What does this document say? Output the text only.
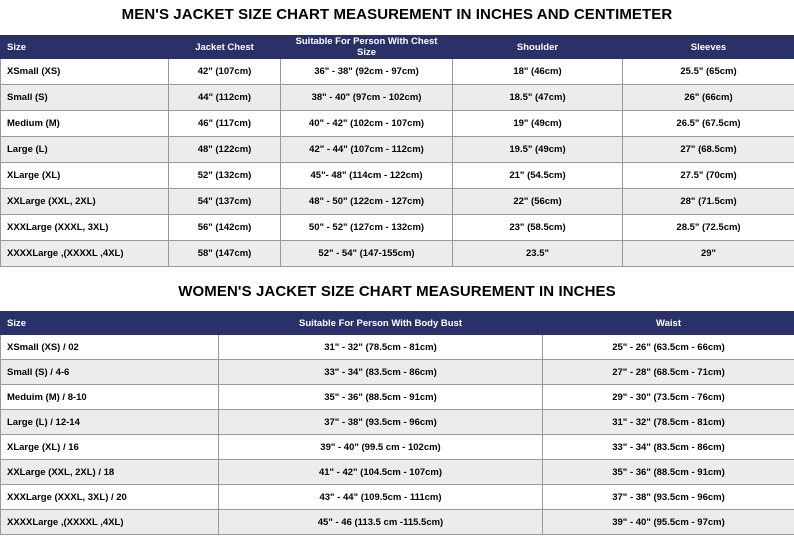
MEN'S JACKET SIZE CHART MEASUREMENT IN INCHES AND CENTIMETER
Size	Jacket Chest	Suitable For Person With Chest Size	Shoulder	Sleeves
XSmall (XS)	42" (107cm)	36" - 38" (92cm - 97cm)	18" (46cm)	25.5" (65cm)
Small (S)	44" (112cm)	38" - 40" (97cm - 102cm)	18.5" (47cm)	26" (66cm)
Medium (M)	46" (117cm)	40" - 42" (102cm - 107cm)	19" (49cm)	26.5" (67.5cm)
Large (L)	48" (122cm)	42" - 44" (107cm - 112cm)	19.5" (49cm)	27" (68.5cm)
XLarge (XL)	52" (132cm)	45"- 48" (114cm - 122cm)	21" (54.5cm)	27.5" (70cm)
XXLarge (XXL, 2XL)	54" (137cm)	48" - 50" (122cm - 127cm)	22" (56cm)	28" (71.5cm)
XXXLarge (XXXL, 3XL)	56" (142cm)	50" - 52" (127cm - 132cm)	23" (58.5cm)	28.5" (72.5cm)
XXXXLarge ,(XXXXL ,4XL)	58" (147cm)	52" - 54" (147-155cm)	23.5"	29"
WOMEN'S JACKET SIZE CHART MEASUREMENT IN INCHES
Size	Suitable For Person With Body Bust	Waist
XSmall (XS) / 02	31" - 32" (78.5cm - 81cm)	25" - 26" (63.5cm - 66cm)
Small (S) / 4-6	33" - 34" (83.5cm - 86cm)	27" - 28" (68.5cm - 71cm)
Meduim (M) / 8-10	35" - 36" (88.5cm - 91cm)	29" - 30" (73.5cm - 76cm)
Large (L) / 12-14	37" - 38" (93.5cm - 96cm)	31" - 32" (78.5cm - 81cm)
XLarge (XL) / 16	39" - 40" (99.5 cm - 102cm)	33" - 34" (83.5cm - 86cm)
XXLarge (XXL, 2XL) / 18	41" - 42" (104.5cm - 107cm)	35" - 36" (88.5cm - 91cm)
XXXLarge (XXXL, 3XL) / 20	43" - 44" (109.5cm - 111cm)	37" - 38" (93.5cm - 96cm)
XXXXLarge ,(XXXXL ,4XL)	45" - 46 (113.5 cm -115.5cm)	39" - 40" (95.5cm - 97cm)
